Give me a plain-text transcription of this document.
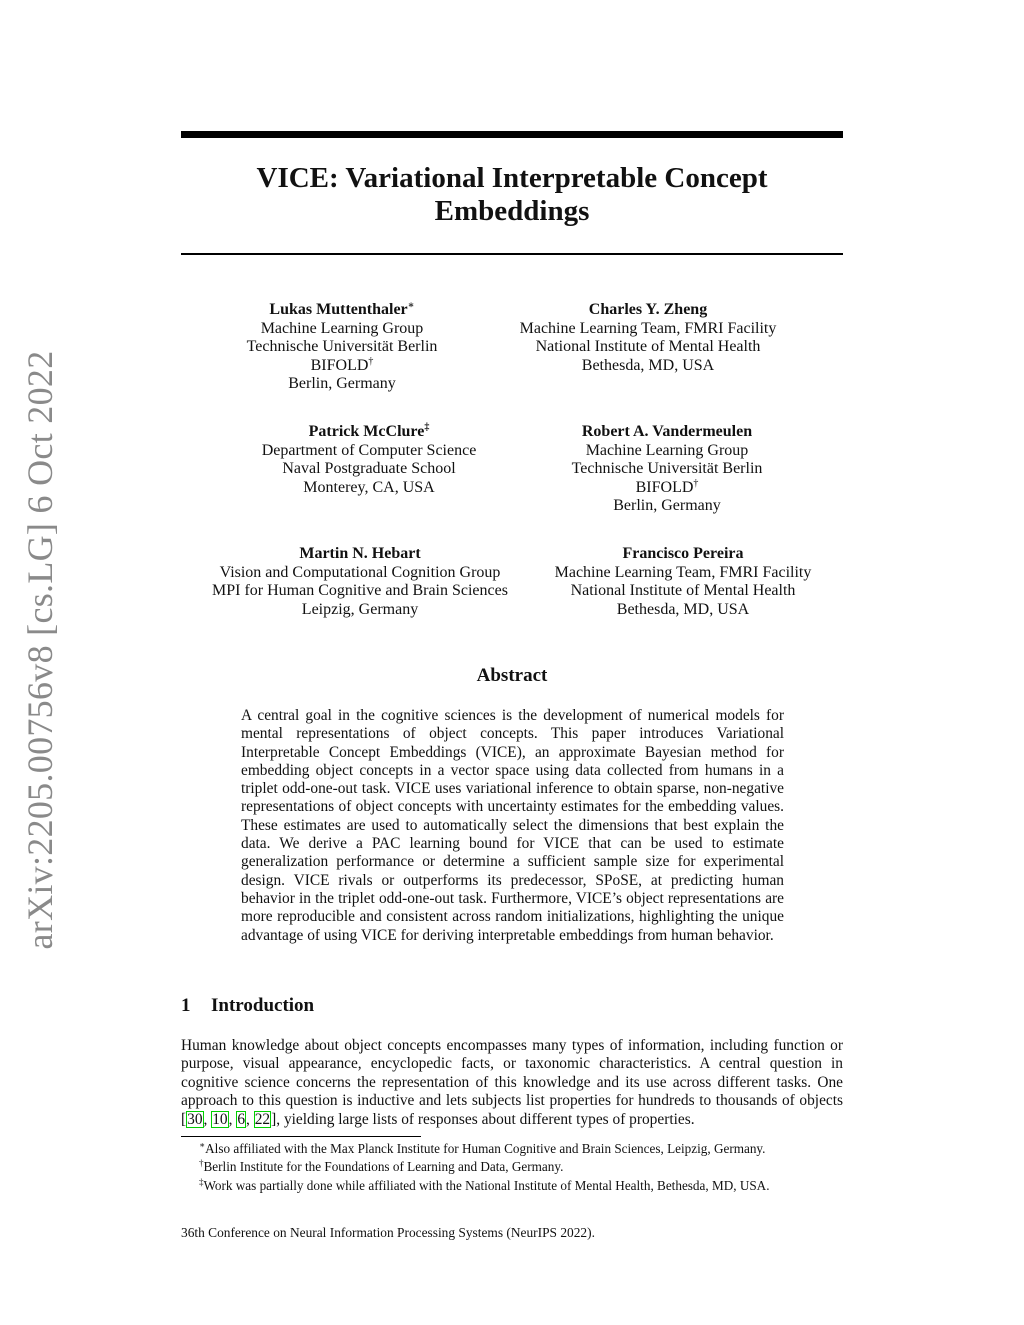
arXiv:2205.00756v8 [cs.LG] 6 Oct 2022
VICE: Variational Interpretable Concept Embeddings
Lukas Muttenthaler∗
Machine Learning Group
Technische Universität Berlin
BIFOLD†
Berlin, Germany
Charles Y. Zheng
Machine Learning Team, FMRI Facility
National Institute of Mental Health
Bethesda, MD, USA
Patrick McClure‡
Department of Computer Science
Naval Postgraduate School
Monterey, CA, USA
Robert A. Vandermeulen
Machine Learning Group
Technische Universität Berlin
BIFOLD†
Berlin, Germany
Martin N. Hebart
Vision and Computational Cognition Group
MPI for Human Cognitive and Brain Sciences
Leipzig, Germany
Francisco Pereira
Machine Learning Team, FMRI Facility
National Institute of Mental Health
Bethesda, MD, USA
Abstract
A central goal in the cognitive sciences is the development of numerical models for mental representations of object concepts. This paper introduces Variational Interpretable Concept Embeddings (VICE), an approximate Bayesian method for embedding object concepts in a vector space using data collected from humans in a triplet odd-one-out task. VICE uses variational inference to obtain sparse, non-negative representations of object concepts with uncertainty estimates for the embedding values. These estimates are used to automatically select the dimensions that best explain the data. We derive a PAC learning bound for VICE that can be used to estimate generalization performance or determine a sufficient sample size for experimental design. VICE rivals or outperforms its predecessor, SPoSE, at predicting human behavior in the triplet odd-one-out task. Furthermore, VICE’s object representations are more reproducible and consistent across random initializations, highlighting the unique advantage of using VICE for deriving interpretable embeddings from human behavior.
1 Introduction
Human knowledge about object concepts encompasses many types of information, including function or purpose, visual appearance, encyclopedic facts, or taxonomic characteristics. A central question in cognitive science concerns the representation of this knowledge and its use across different tasks. One approach to this question is inductive and lets subjects list properties for hundreds to thousands of objects [30, 10, 6, 22], yielding large lists of responses about different types of properties.
∗Also affiliated with the Max Planck Institute for Human Cognitive and Brain Sciences, Leipzig, Germany.
†Berlin Institute for the Foundations of Learning and Data, Germany.
‡Work was partially done while affiliated with the National Institute of Mental Health, Bethesda, MD, USA.
36th Conference on Neural Information Processing Systems (NeurIPS 2022).
